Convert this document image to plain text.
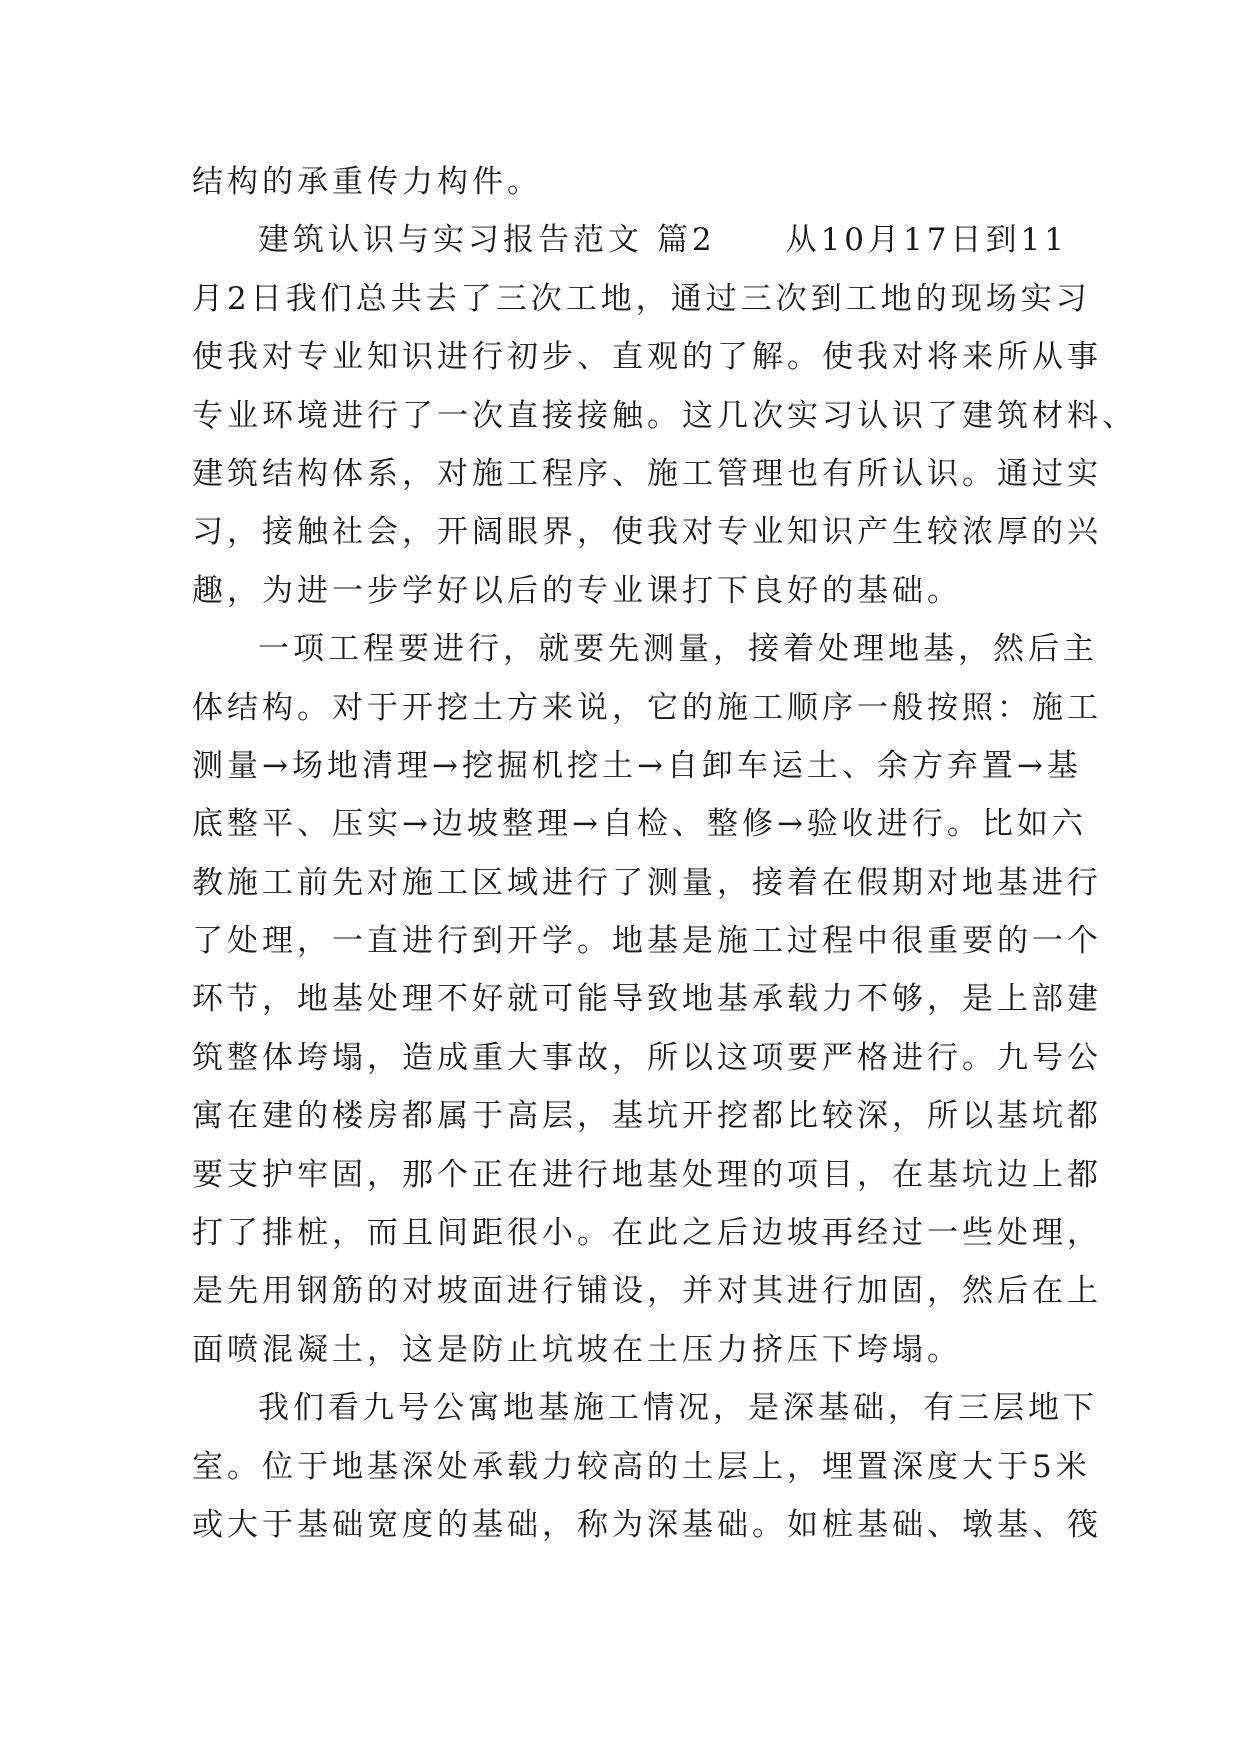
结构的承重传力构件。
建筑认识与实习报告范文 篇2　　从10月17日到11
月2日我们总共去了三次工地，通过三次到工地的现场实习
使我对专业知识进行初步、直观的了解。使我对将来所从事
专业环境进行了一次直接接触。这几次实习认识了建筑材料、
建筑结构体系，对施工程序、施工管理也有所认识。通过实
习，接触社会，开阔眼界，使我对专业知识产生较浓厚的兴
趣，为进一步学好以后的专业课打下良好的基础。
一项工程要进行，就要先测量，接着处理地基，然后主
体结构。对于开挖土方来说，它的施工顺序一般按照：施工
测量→场地清理→挖掘机挖土→自卸车运土、余方弃置→基
底整平、压实→边坡整理→自检、整修→验收进行。比如六
教施工前先对施工区域进行了测量，接着在假期对地基进行
了处理，一直进行到开学。地基是施工过程中很重要的一个
环节，地基处理不好就可能导致地基承载力不够，是上部建
筑整体垮塌，造成重大事故，所以这项要严格进行。九号公
寓在建的楼房都属于高层，基坑开挖都比较深，所以基坑都
要支护牢固，那个正在进行地基处理的项目，在基坑边上都
打了排桩，而且间距很小。在此之后边坡再经过一些处理，
是先用钢筋的对坡面进行铺设，并对其进行加固，然后在上
面喷混凝土，这是防止坑坡在土压力挤压下垮塌。
我们看九号公寓地基施工情况，是深基础，有三层地下
室。位于地基深处承载力较高的土层上，埋置深度大于5米
或大于基础宽度的基础，称为深基础。如桩基础、墩基、筏
